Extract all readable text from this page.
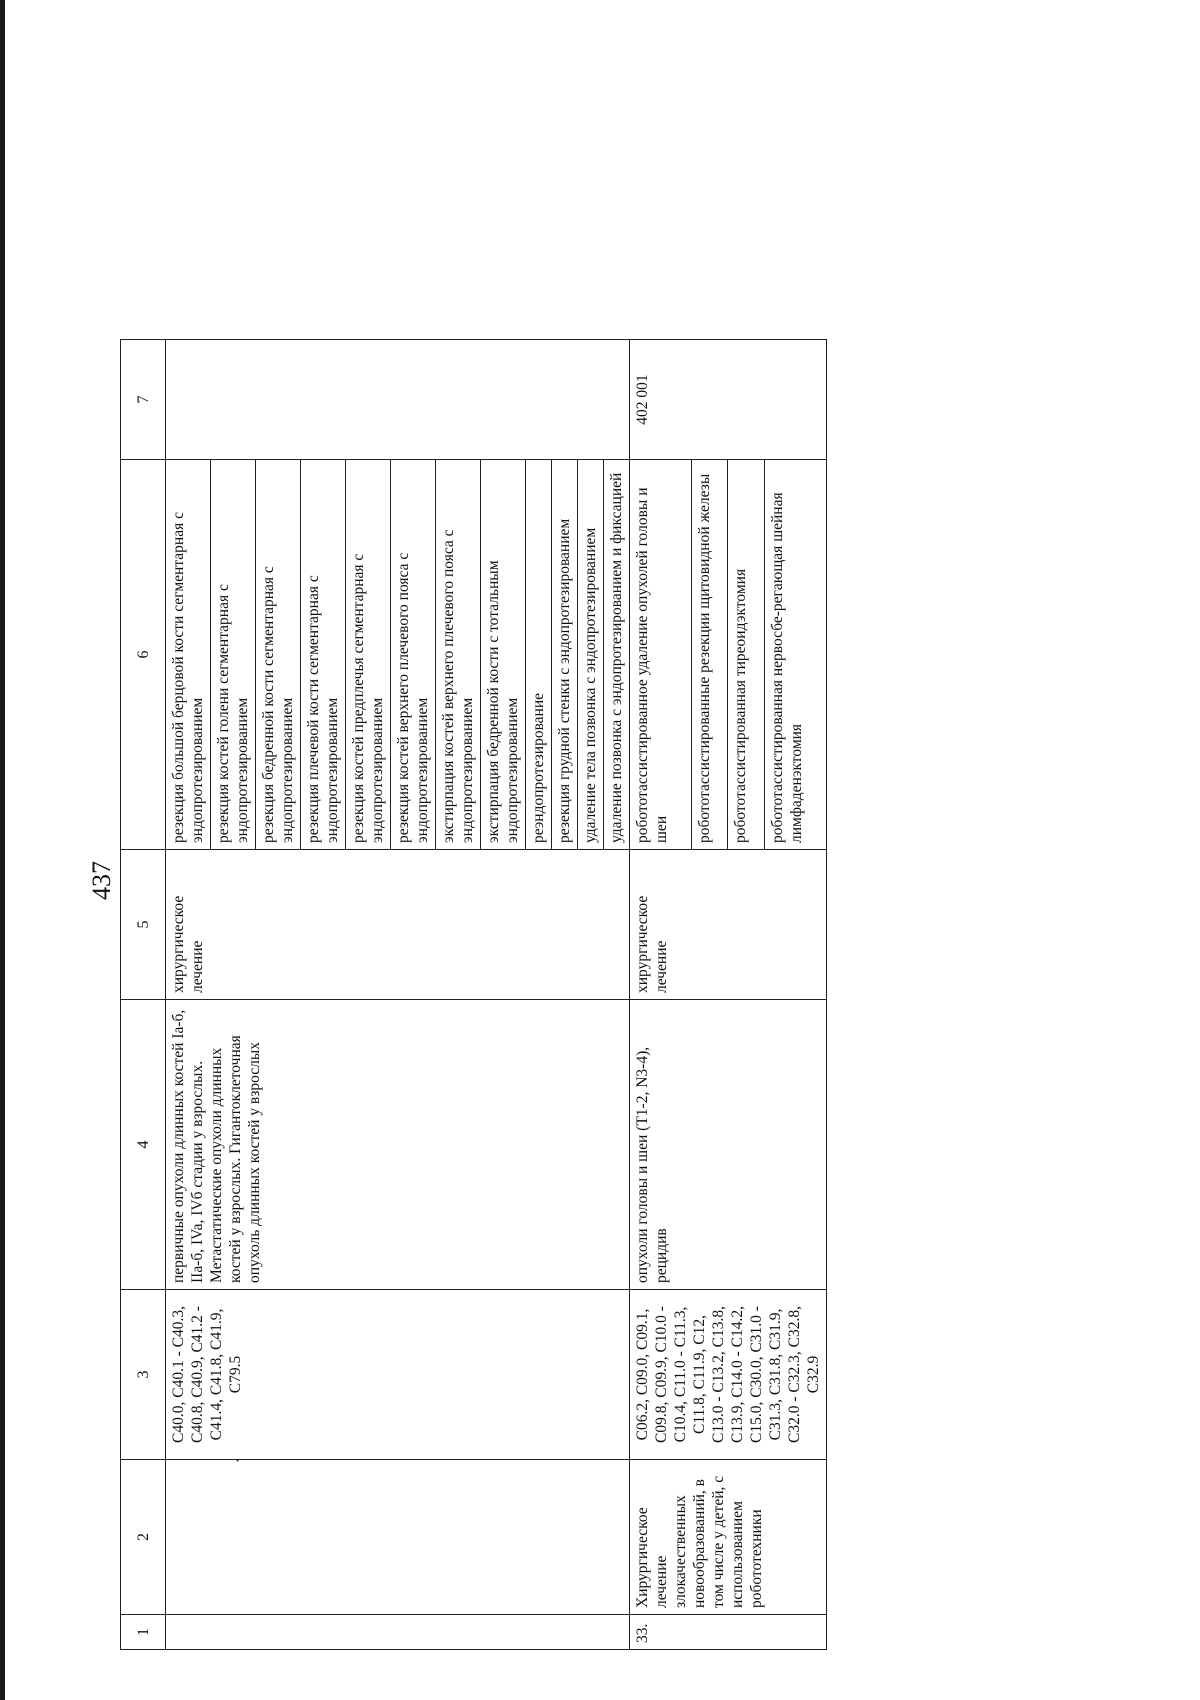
437
1	2	3	4	5	6	7
	·	C40.0, C40.1 - C40.3, C40.8, C40.9, C41.2 - C41.4, C41.8, C41.9, C79.5	первичные опухоли длинных костей Ia-б, IIa-б, IVa, IVб стадии у взрослых. Метастатические опухоли длинных костей у взрослых. Гигантоклеточная опухоль длинных костей у взрослых	хирургическое лечение	резекция большой берцовой кости сегментарная с эндопротезированием	
					резекция костей голени сегментарная с эндопротезированием	
					резекция бедренной кости сегментарная с эндопротезированием	
					резекция плечевой кости сегментарная с эндопротезированием	
					резекция костей предплечья сегментарная с эндопротезированием	
					резекция костей верхнего плечевого пояса с эндопротезированием	
					экстирпация костей верхнего плечевого пояса с эндопротезированием	
					экстирпация бедренной кости с тотальным эндопротезированием	
					реэндопротезирование	
					резекция грудной стенки с эндопротезированием	
					удаление тела позвонка с эндопротезированием	
					удаление позвонка с эндопротезированием и фиксацией	
33.	Хирургическое лечение злокачественных новообразований, в том числе у детей, с использованием робототехники	C06.2, C09.0, C09.1, C09.8, C09.9, C10.0 - C10.4, C11.0 - C11.3, C11.8, C11.9, C12, C13.0 - C13.2, C13.8, C13.9, C14.0 - C14.2, C15.0, C30.0, C31.0 - C31.3, C31.8, C31.9, C32.0 - C32.3, C32.8, C32.9	опухоли головы и шеи (T1-2, N3-4), рецидив	хирургическое лечение	робототассистированное удаление опухолей головы и шеи	402 001
					робототассистированные резекции щитовидной железы	
					робототассистированная тиреоидэктомия	
					робототассистированная нервосбе-регающая шейная лимфаденэктомия	
